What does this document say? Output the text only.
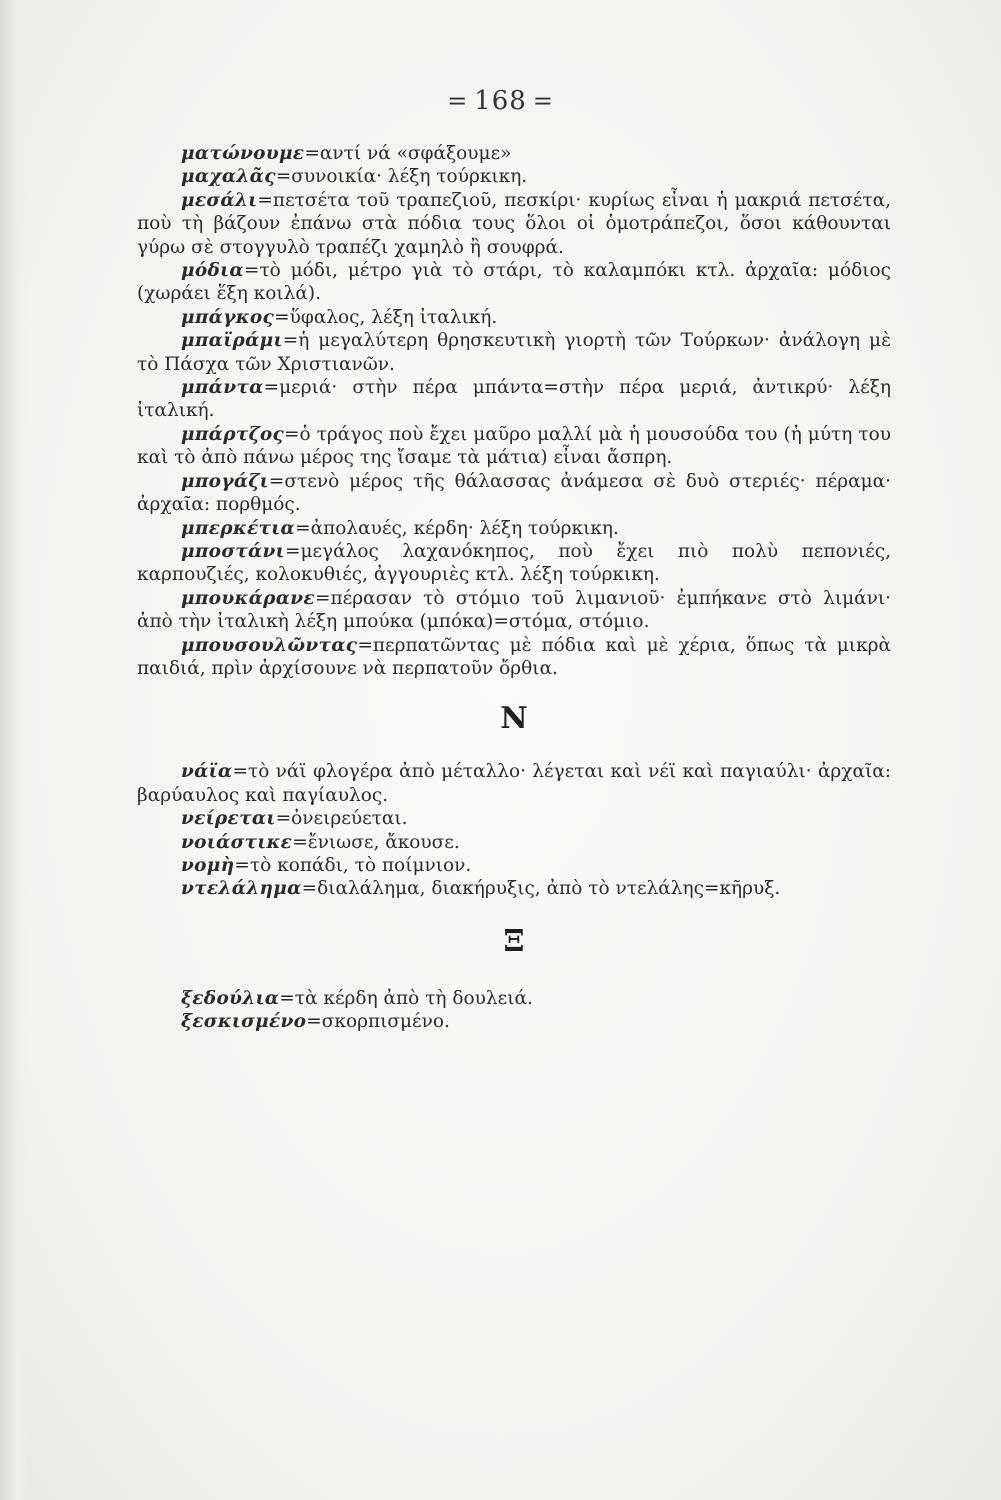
= 168 =

ματώνουμε=αντί νά «σφάξουμε»

μαχαλᾶς=συνοικία· λέξη τούρκικη.

μεσάλι=πετσέτα τοῦ τραπεζιοῦ, πεσκίρι· κυρίως εἶναι ἡ μακριά πετσέτα, ποὺ τὴ βάζουν ἐπάνω στὰ πόδια τους ὅλοι οἱ ὁμοτράπεζοι, ὅσοι κάθουνται γύρω σὲ στογγυλὸ τραπέζι χαμηλὸ ἢ σουφρά.

μόδια=τὸ μόδι, μέτρο γιὰ τὸ στάρι, τὸ καλαμπόκι κτλ. ἀρχαῖα: μόδιος (χωράει ἕξη κοιλά).

μπάγκος=ὕφαλος, λέξη ἰταλική.

μπαϊράμι=ἡ μεγαλύτερη θρησκευτικὴ γιορτὴ τῶν Τούρκων· ἀνάλογη μὲ τὸ Πάσχα τῶν Χριστιανῶν.

μπάντα=μεριά· στὴν πέρα μπάντα=στὴν πέρα μεριά, ἀντικρύ· λέξη ἰταλική.

μπάρτζος=ὁ τράγος ποὺ ἔχει μαῦρο μαλλί μὰ ἡ μουσούδα του (ἡ μύτη του καὶ τὸ ἀπὸ πάνω μέρος της ἴσαμε τὰ μάτια) εἶναι ἄσπρη.

μπογάζι=στενὸ μέρος τῆς θάλασσας ἀνάμεσα σὲ δυὸ στεριές· πέραμα· ἀρχαῖα: πορθμός.

μπερκέτια=ἀπολαυές, κέρδη· λέξη τούρκικη.

μποστάνι=μεγάλος λαχανόκηπος, ποὺ ἔχει πιὸ πολὺ πεπονιές, καρπουζιές, κολοκυθιές, ἀγγουριὲς κτλ. λέξη τούρκικη.

μπουκάρανε=πέρασαν τὸ στόμιο τοῦ λιμανιοῦ· ἐμπήκανε στὸ λιμάνι· ἀπὸ τὴν ἰταλικὴ λέξη μπούκα (μπόκα)=στόμα, στόμιο.

μπουσουλῶντας=περπατῶντας μὲ πόδια καὶ μὲ χέρια, ὅπως τὰ μικρὰ παιδιά, πρὶν ἀρχίσουνε νὰ περπατοῦν ὄρθια.

Ν

νάϊα=τὸ νάϊ φλογέρα ἀπὸ μέταλλο· λέγεται καὶ νέϊ καὶ παγιαύλι· ἀρχαῖα: βαρύαυλος καὶ παγίαυλος.

νείρεται=ὀνειρεύεται.

νοιάστικε=ἔνιωσε, ἄκουσε.

νομὴ=τὸ κοπάδι, τὸ ποίμνιον.

ντελάλημα=διαλάλημα, διακήρυξις, ἀπὸ τὸ ντελάλης=κῆρυξ.

Ξ

ξεδούλια=τὰ κέρδη ἀπὸ τὴ δουλειά.

ξεσκισμένο=σκορπισμένο.
